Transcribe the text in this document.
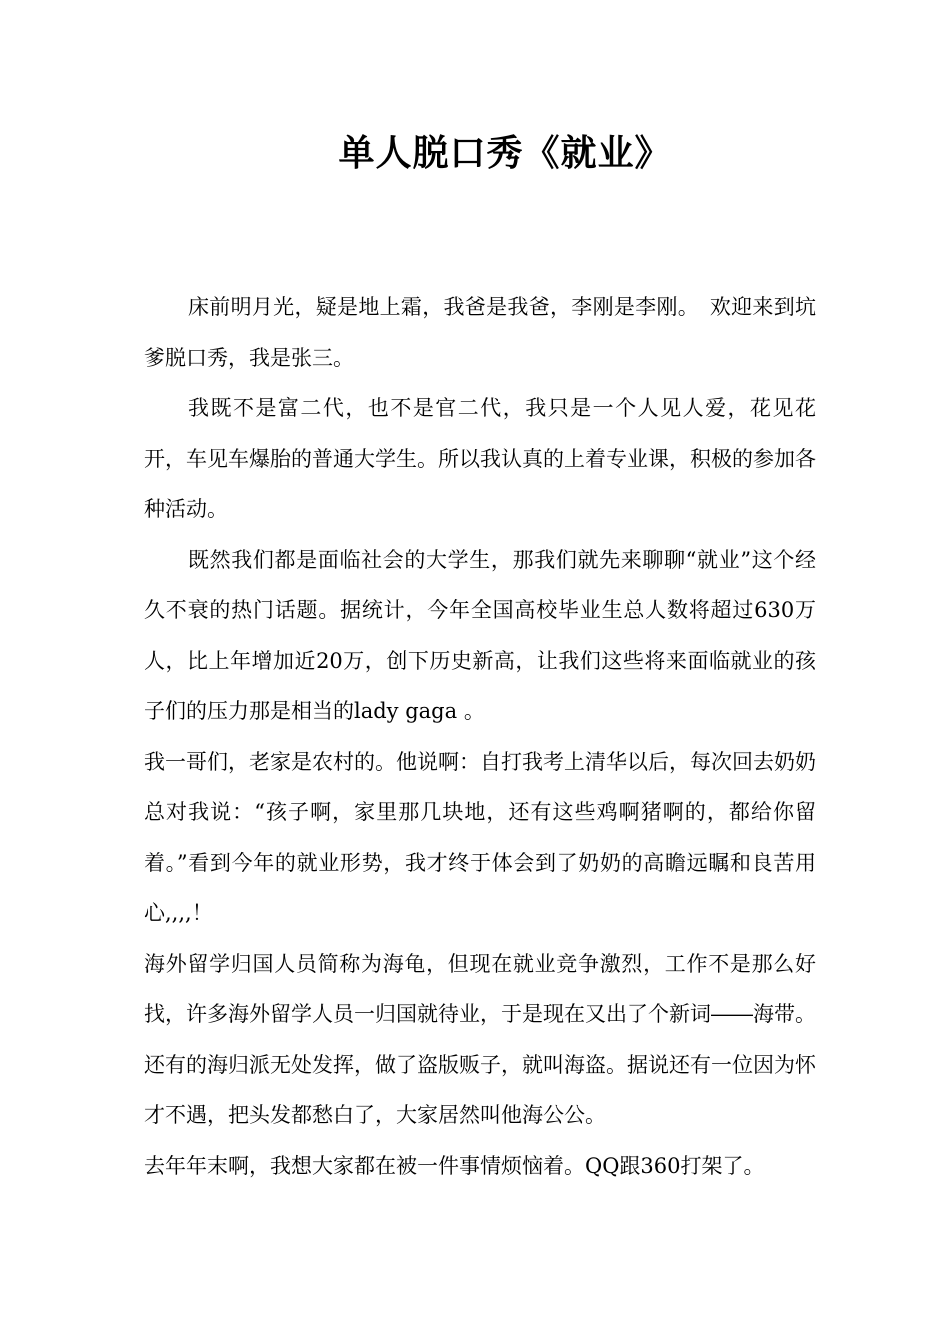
单人脱口秀《就业》

床前明月光，疑是地上霜，我爸是我爸，李刚是李刚。　欢迎来到坑爹脱口秀，我是张三。

我既不是富二代，也不是官二代，我只是一个人见人爱，花见花开，车见车爆胎的普通大学生。所以我认真的上着专业课，积极的参加各种活动。

既然我们都是面临社会的大学生，那我们就先来聊聊“就业”这个经久不衰的热门话题。据统计，今年全国高校毕业生总人数将超过630万人，比上年增加近20万，创下历史新高，让我们这些将来面临就业的孩子们的压力那是相当的lady gaga 。

我一哥们，老家是农村的。他说啊：自打我考上清华以后，每次回去奶奶总对我说：“孩子啊，家里那几块地，还有这些鸡啊猪啊的，都给你留着。”看到今年的就业形势，我才终于体会到了奶奶的高瞻远瞩和良苦用心,,,,！

海外留学归国人员简称为海龟，但现在就业竞争激烈，工作不是那么好找，许多海外留学人员一归国就待业，于是现在又出了个新词――海带。还有的海归派无处发挥，做了盗版贩子，就叫海盗。据说还有一位因为怀才不遇，把头发都愁白了，大家居然叫他海公公。

去年年末啊，我想大家都在被一件事情烦恼着。QQ跟360打架了。
